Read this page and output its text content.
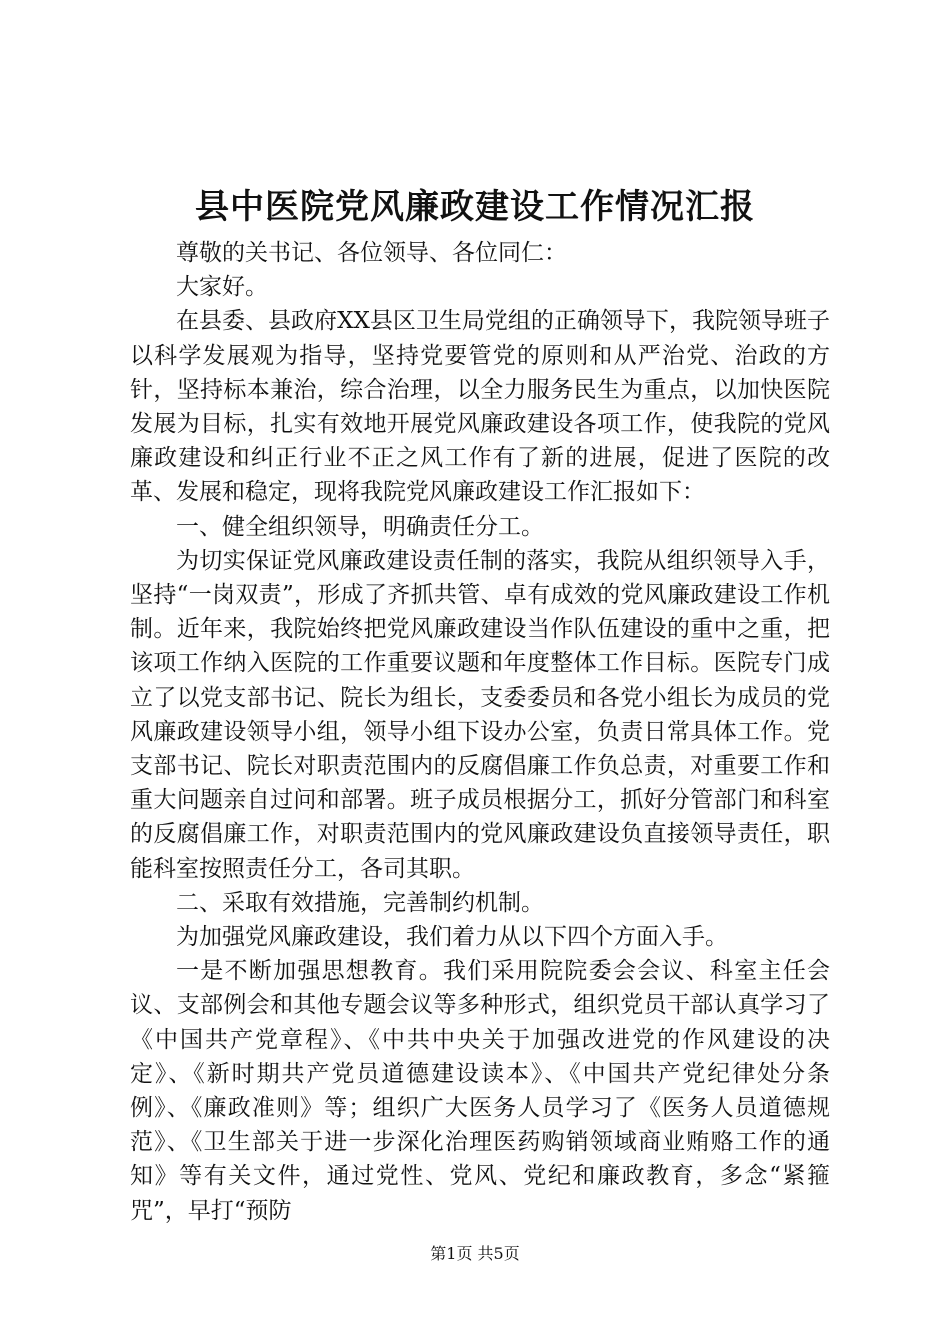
县中医院党风廉政建设工作情况汇报

尊敬的关书记、各位领导、各位同仁：

大家好。

在县委、县政府XX县区卫生局党组的正确领导下，我院领导班子以科学发展观为指导，坚持党要管党的原则和从严治党、治政的方针，坚持标本兼治，综合治理，以全力服务民生为重点，以加快医院发展为目标，扎实有效地开展党风廉政建设各项工作，使我院的党风廉政建设和纠正行业不正之风工作有了新的进展，促进了医院的改革、发展和稳定，现将我院党风廉政建设工作汇报如下：

一、健全组织领导，明确责任分工。

为切实保证党风廉政建设责任制的落实，我院从组织领导入手，坚持“一岗双责”，形成了齐抓共管、卓有成效的党风廉政建设工作机制。近年来，我院始终把党风廉政建设当作队伍建设的重中之重，把该项工作纳入医院的工作重要议题和年度整体工作目标。医院专门成立了以党支部书记、院长为组长，支委委员和各党小组长为成员的党风廉政建设领导小组，领导小组下设办公室，负责日常具体工作。党支部书记、院长对职责范围内的反腐倡廉工作负总责，对重要工作和重大问题亲自过问和部署。班子成员根据分工，抓好分管部门和科室的反腐倡廉工作，对职责范围内的党风廉政建设负直接领导责任，职能科室按照责任分工，各司其职。

二、采取有效措施，完善制约机制。

为加强党风廉政建设，我们着力从以下四个方面入手。

一是不断加强思想教育。我们采用院院委会会议、科室主任会议、支部例会和其他专题会议等多种形式，组织党员干部认真学习了《中国共产党章程》、《中共中央关于加强改进党的作风建设的决定》、《新时期共产党员道德建设读本》、《中国共产党纪律处分条例》、《廉政准则》等；组织广大医务人员学习了《医务人员道德规范》、《卫生部关于进一步深化治理医药购销领域商业贿赂工作的通知》等有关文件，通过党性、党风、党纪和廉政教育，多念“紧箍咒”，早打“预防

第1页 共5页
